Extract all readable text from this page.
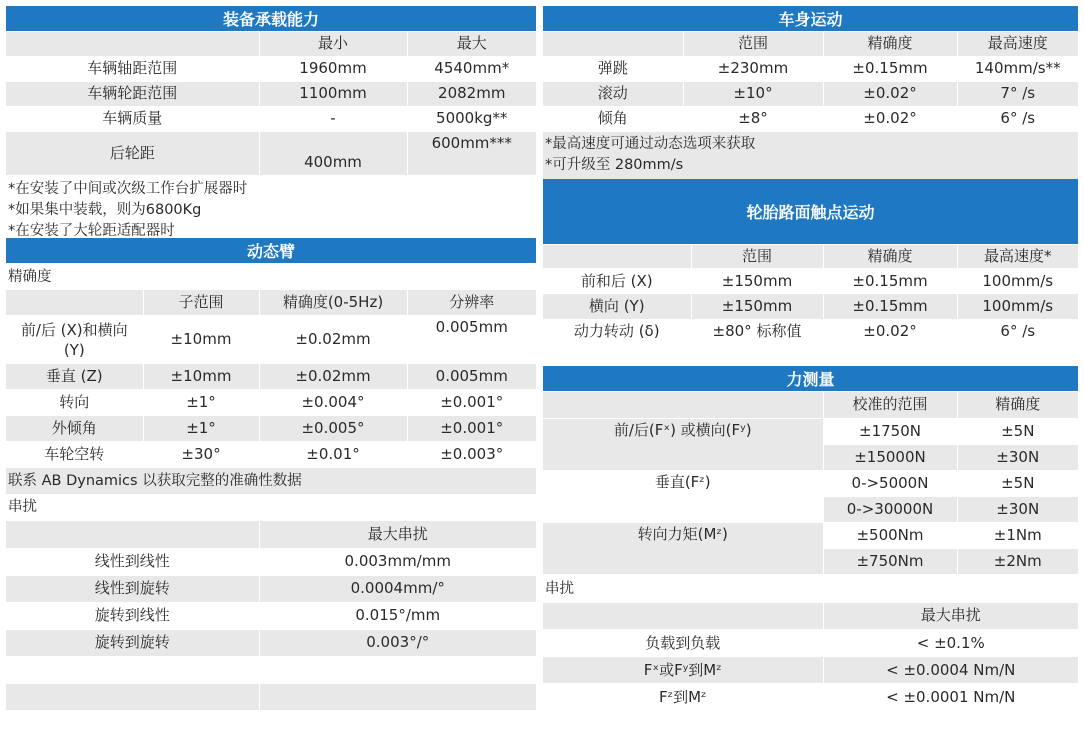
装备承载能力
	最小	最大
车辆轴距范围	1960mm	4540mm*
车辆轮距范围	1100mm	2082mm
车辆质量	-	5000kg**
后轮距	400mm	600mm***
*在安装了中间或次级工作台扩展器时
*如果集中装载，则为6800Kg
*在安装了大轮距适配器时
动态臂
精确度
	子范围	精确度(0-5Hz)	分辨率
前/后 (X)和横向 (Y)	±10mm	±0.02mm	0.005mm
垂直 (Z)	±10mm	±0.02mm	0.005mm
转向	±1°	±0.004°	±0.001°
外倾角	±1°	±0.005°	±0.001°
车轮空转	±30°	±0.01°	±0.003°
联系 AB Dynamics 以获取完整的准确性数据
串扰
	最大串扰
线性到线性	0.003mm/mm
线性到旋转	0.0004mm/°
旋转到线性	0.015°/mm
旋转到旋转	0.003°/°

车身运动
	范围	精确度	最高速度
弹跳	±230mm	±0.15mm	140mm/s**
滚动	±10°	±0.02°	7° /s
倾角	±8°	±0.02°	6° /s
*最高速度可通过动态选项来获取
*可升级至 280mm/s
轮胎路面触点运动
	范围	精确度	最高速度*
前和后 (X)	±150mm	±0.15mm	100mm/s
横向 (Y)	±150mm	±0.15mm	100mm/s
动力转动 (δ)	±80° 标称值	±0.02°	6° /s
力测量
	校准的范围	精确度
前/后(Fˣ) 或横向(Fʸ)	±1750N	±5N
	±15000N	±30N
垂直(Fᶻ)	0->5000N	±5N
	0->30000N	±30N
转向力矩(Mᶻ)	±500Nm	±1Nm
	±750Nm	±2Nm
串扰
	最大串扰
负载到负载	< ±0.1%
Fˣ或Fʸ到Mᶻ	< ±0.0004 Nm/N
Fᶻ到Mᶻ	< ±0.0001 Nm/N
